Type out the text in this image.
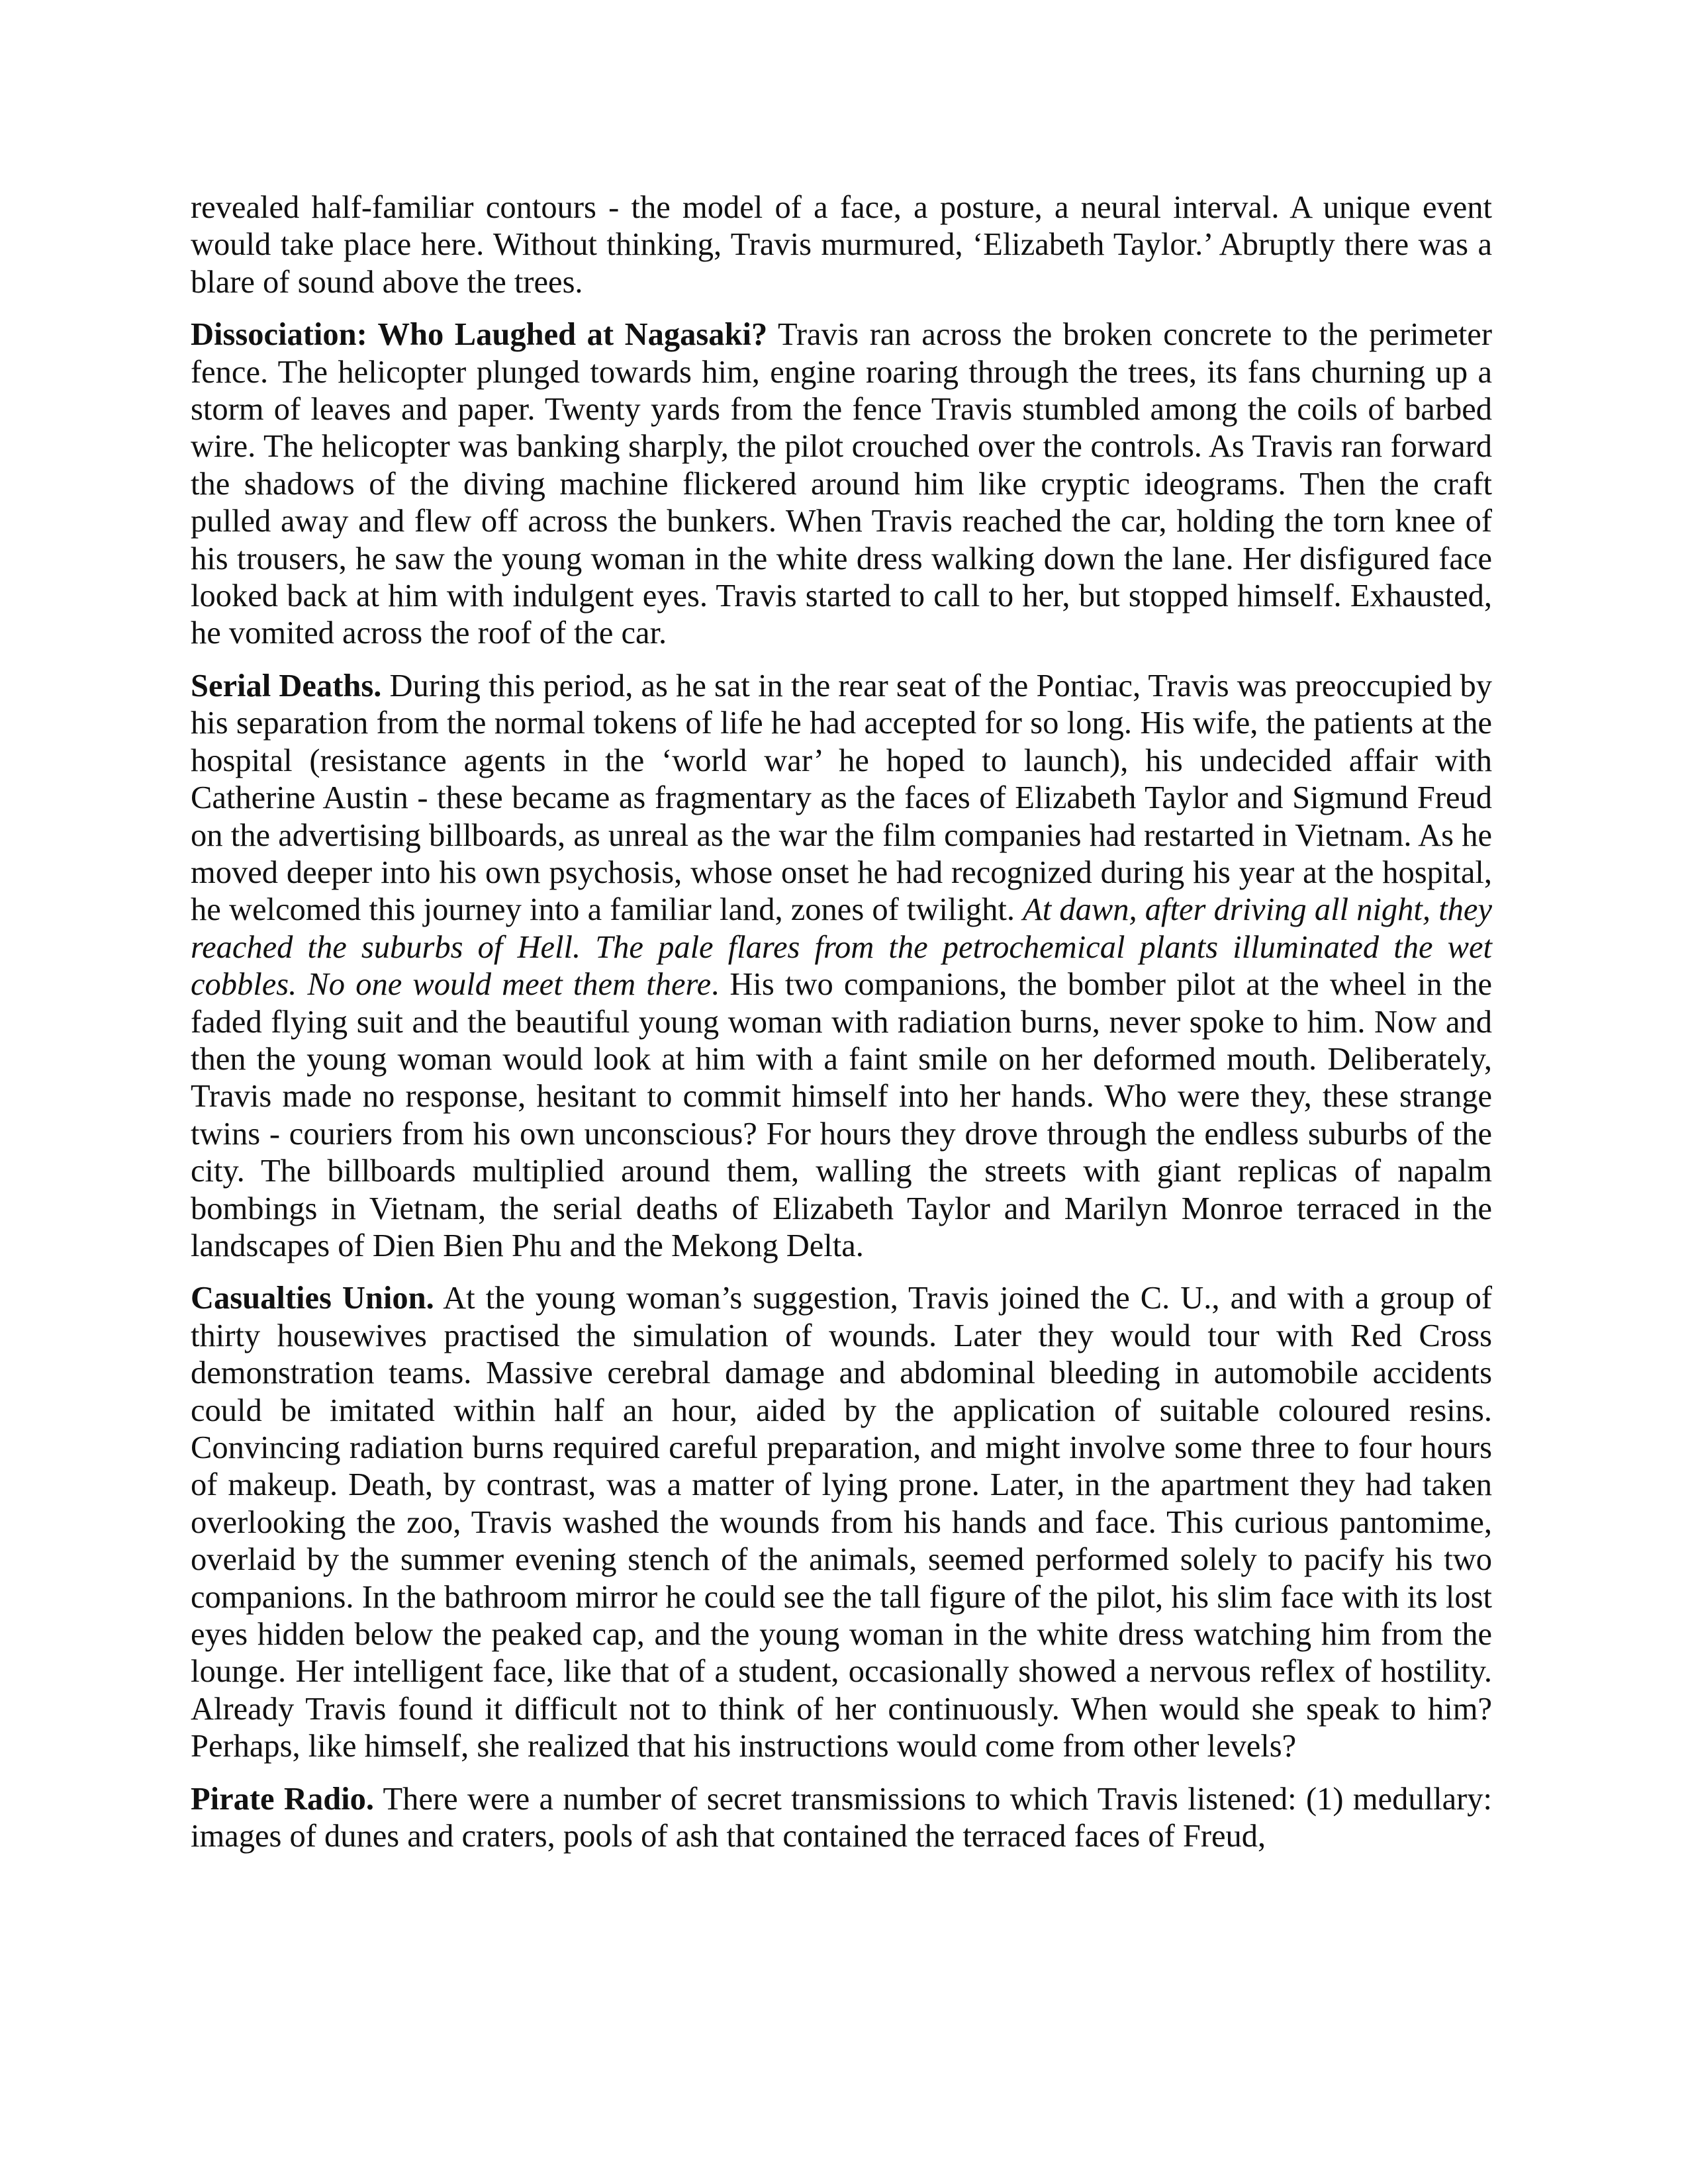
revealed half-familiar contours - the model of a face, a posture, a neural interval. A unique event would take place here. Without thinking, Travis murmured, ‘Elizabeth Taylor.’ Abruptly there was a blare of sound above the trees.

Dissociation: Who Laughed at Nagasaki? Travis ran across the broken concrete to the perimeter fence. The helicopter plunged towards him, engine roaring through the trees, its fans churning up a storm of leaves and paper. Twenty yards from the fence Travis stumbled among the coils of barbed wire. The helicopter was banking sharply, the pilot crouched over the controls. As Travis ran forward the shadows of the diving machine flickered around him like cryptic ideograms. Then the craft pulled away and flew off across the bunkers. When Travis reached the car, holding the torn knee of his trousers, he saw the young woman in the white dress walking down the lane. Her disfigured face looked back at him with indulgent eyes. Travis started to call to her, but stopped himself. Exhausted, he vomited across the roof of the car.

Serial Deaths. During this period, as he sat in the rear seat of the Pontiac, Travis was preoccupied by his separation from the normal tokens of life he had accepted for so long. His wife, the patients at the hospital (resistance agents in the ‘world war’ he hoped to launch), his undecided affair with Catherine Austin - these became as fragmentary as the faces of Elizabeth Taylor and Sigmund Freud on the advertising billboards, as unreal as the war the film companies had restarted in Vietnam. As he moved deeper into his own psychosis, whose onset he had recognized during his year at the hospital, he welcomed this journey into a familiar land, zones of twilight. At dawn, after driving all night, they reached the suburbs of Hell. The pale flares from the petrochemical plants illuminated the wet cobbles. No one would meet them there. His two companions, the bomber pilot at the wheel in the faded flying suit and the beautiful young woman with radiation burns, never spoke to him. Now and then the young woman would look at him with a faint smile on her deformed mouth. Deliberately, Travis made no response, hesitant to commit himself into her hands. Who were they, these strange twins - couriers from his own unconscious? For hours they drove through the endless suburbs of the city. The billboards multiplied around them, walling the streets with giant replicas of napalm bombings in Vietnam, the serial deaths of Elizabeth Taylor and Marilyn Monroe terraced in the landscapes of Dien Bien Phu and the Mekong Delta.

Casualties Union. At the young woman’s suggestion, Travis joined the C. U., and with a group of thirty housewives practised the simulation of wounds. Later they would tour with Red Cross demonstration teams. Massive cerebral damage and abdominal bleeding in automobile accidents could be imitated within half an hour, aided by the application of suitable coloured resins. Convincing radiation burns required careful preparation, and might involve some three to four hours of makeup. Death, by contrast, was a matter of lying prone. Later, in the apartment they had taken overlooking the zoo, Travis washed the wounds from his hands and face. This curious pantomime, overlaid by the summer evening stench of the animals, seemed performed solely to pacify his two companions. In the bathroom mirror he could see the tall figure of the pilot, his slim face with its lost eyes hidden below the peaked cap, and the young woman in the white dress watching him from the lounge. Her intelligent face, like that of a student, occasionally showed a nervous reflex of hostility. Already Travis found it difficult not to think of her continuously. When would she speak to him? Perhaps, like himself, she realized that his instructions would come from other levels?

Pirate Radio. There were a number of secret transmissions to which Travis listened: (1) medullary: images of dunes and craters, pools of ash that contained the terraced faces of Freud,
